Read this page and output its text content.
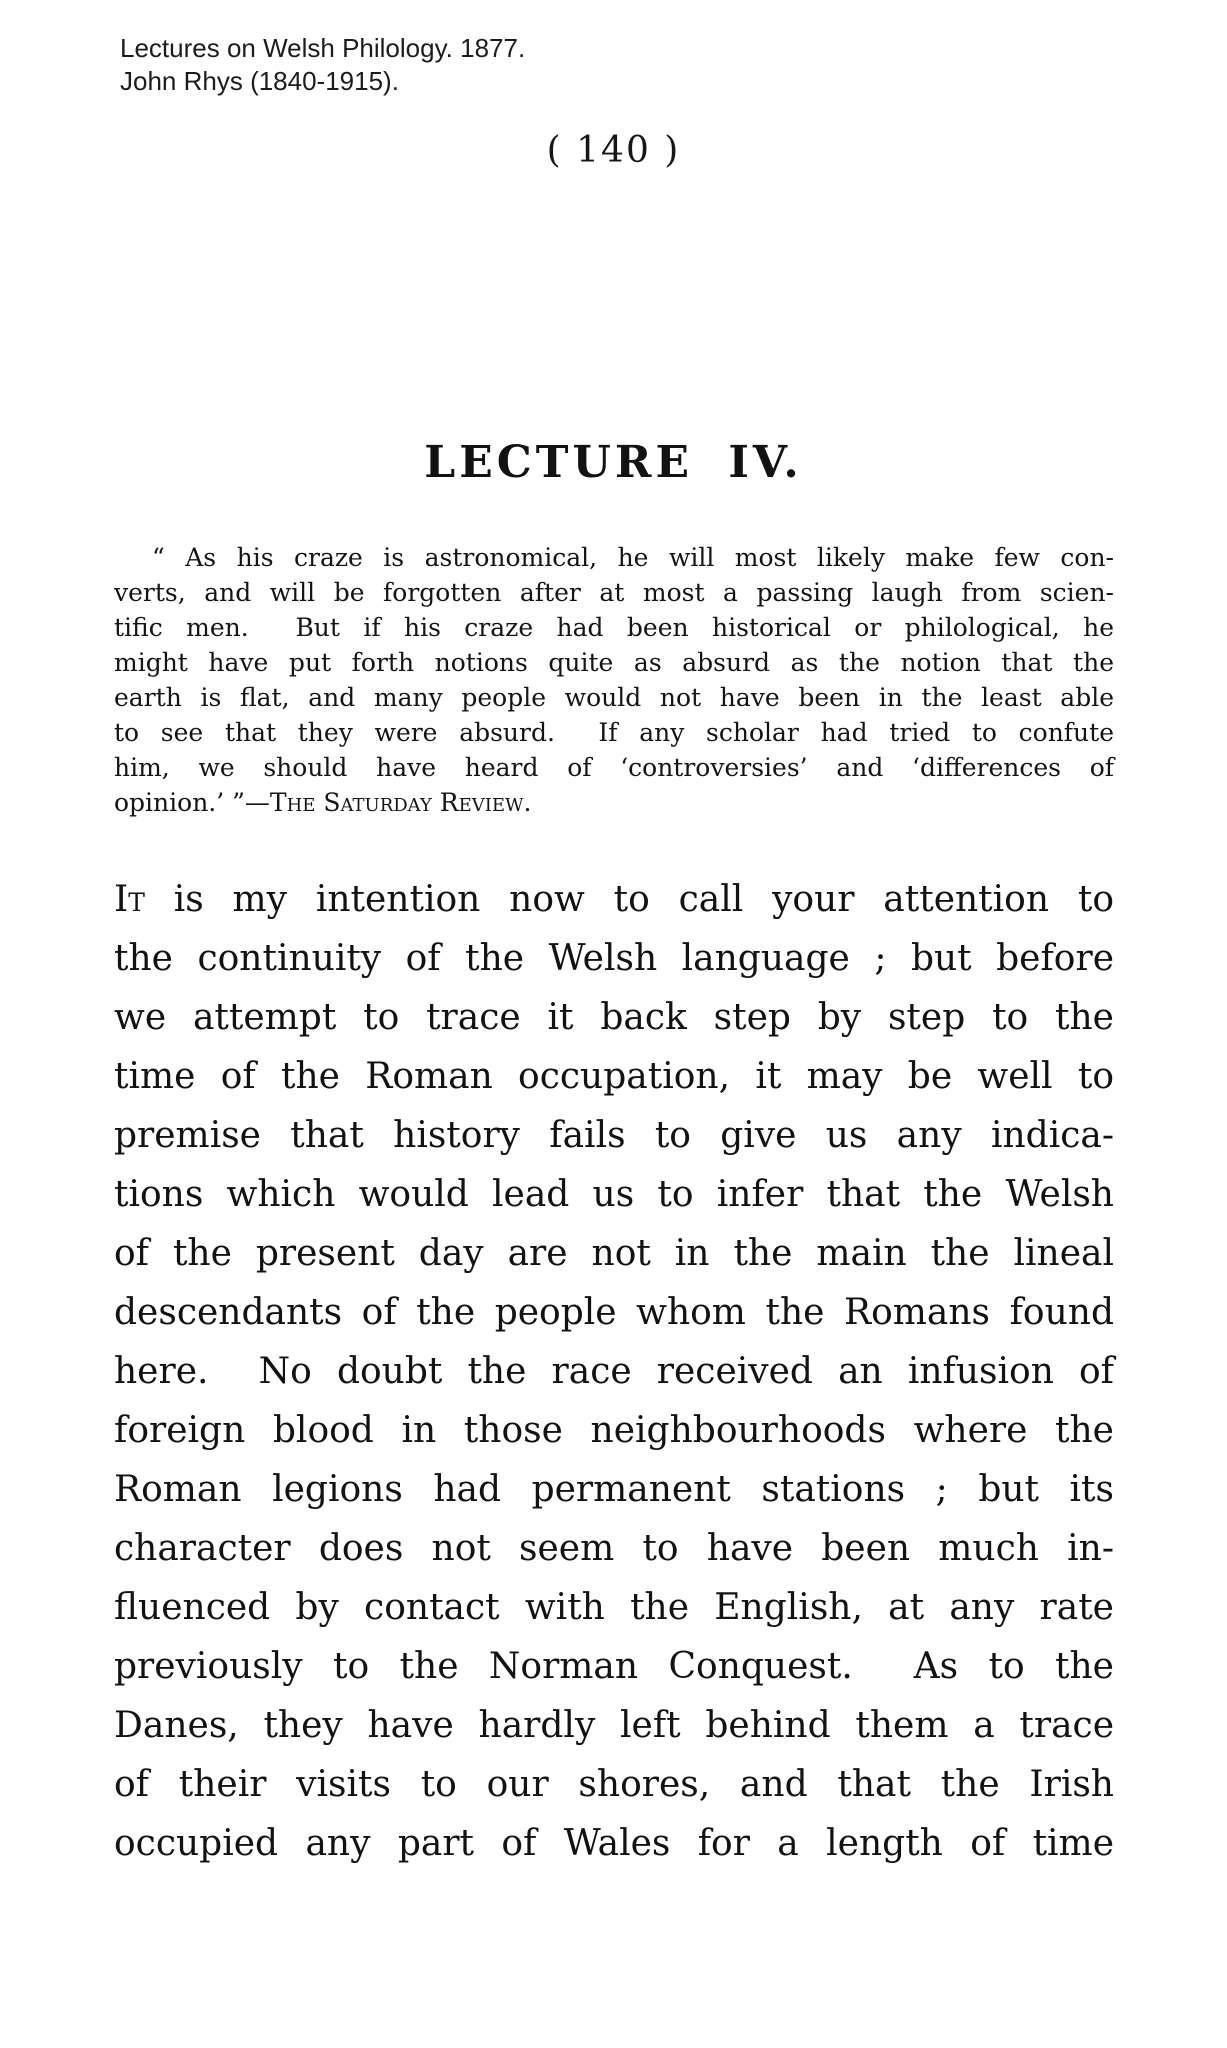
Lectures on Welsh Philology. 1877.
John Rhys (1840-1915).
( 140 )
LECTURE IV.
“ As his craze is astronomical, he will most likely make few con-
verts, and will be forgotten after at most a passing laugh from scien-
tific men.  But if his craze had been historical or philological, he
might have put forth notions quite as absurd as the notion that the
earth is flat, and many people would not have been in the least able
to see that they were absurd.  If any scholar had tried to confute
him, we should have heard of ‘controversies’ and ‘differences of
opinion.’ ”—The Saturday Review.
It is my intention now to call your attention to
the continuity of the Welsh language ; but before
we attempt to trace it back step by step to the
time of the Roman occupation, it may be well to
premise that history fails to give us any indica-
tions which would lead us to infer that the Welsh
of the present day are not in the main the lineal
descendants of the people whom the Romans found
here.  No doubt the race received an infusion of
foreign blood in those neighbourhoods where the
Roman legions had permanent stations ; but its
character does not seem to have been much in-
fluenced by contact with the English, at any rate
previously to the Norman Conquest.  As to the
Danes, they have hardly left behind them a trace
of their visits to our shores, and that the Irish
occupied any part of Wales for a length of time
